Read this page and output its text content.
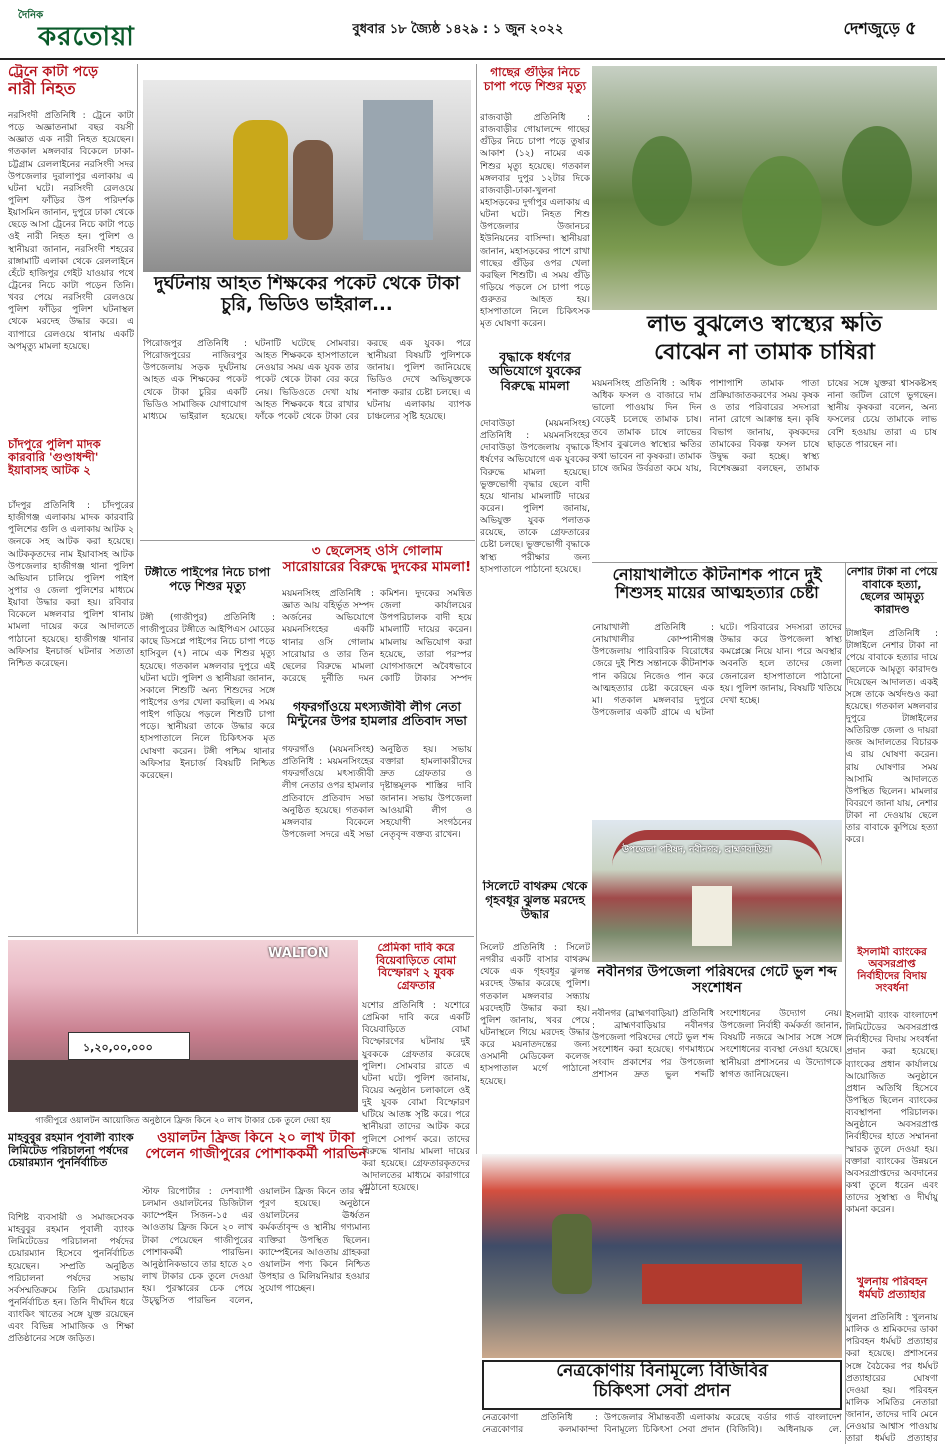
দৈনিক
করতোয়া	বুধবার ১৮ জ্যৈষ্ঠ ১৪২৯ : ১ জুন ২০২২	দেশজুড়ে ৫
ট্রেনে কাটা পড়ে
নারী নিহত
নরসিংদী প্রতিনিধি : ট্রেনে কাটা পড়ে অজ্ঞাতনামা বছর বয়সী অজ্ঞাত এক নারী নিহত হয়েছেন। গতকাল মঙ্গলবার বিকেলে ঢাকা-চট্টগ্রাম রেললাইনের নরসিংদী সদর উপজেলার দুরালাপুর এলাকায় এ ঘটনা ঘটে। নরসিংদী রেলওয়ে পুলিশ ফাঁড়ির উপ পরিদর্শক ইয়াসমিন জানান, দুপুরে ঢাকা থেকে ছেড়ে আসা ট্রেনের নিচে কাটা পড়ে ওই নারী নিহত হন। পুলিশ ও স্থানীয়রা জানান, নরসিংদী শহরের রাঙ্গামাটি এলাকা থেকে রেললাইনে হেঁটে হাজিপুর গেইট যাওয়ার পথে ট্রেনের নিচে কাটা পড়েন তিনি। খবর পেয়ে নরসিংদী রেলওয়ে পুলিশ ফাঁড়ির পুলিশ ঘটনাস্থল থেকে মরদেহ উদ্ধার করে। এ ব্যাপারে রেলওয়ে থানায় একটি অপমৃত্যু মামলা হয়েছে।
চাঁদপুরে পুলিশ মাদক কারবারি 'গুণ্ডাধন্দী' ইয়াবাসহ আটক ২
চাঁদপুর প্রতিনিধি : চাঁদপুরের হাজীগঞ্জ এলাকায় মাদক কারবারি পুলিশের গুলি ও এলাকায় আটক ২ জনকে সহ আটক করা হয়েছে। আটককৃতদের নাম ইয়াবাসহ আটক উপজেলার হাজীগঞ্জ থানা পুলিশ অভিযান চালিয়ে পুলিশ পাইপ সুপার ও জেলা পুলিশের মাধ্যমে ইয়াবা উদ্ধার করা হয়। রবিবার বিকেলে মঙ্গলবার পুলিশ থানায় মামলা দায়ের করে আদালতে পাঠানো হয়েছে। হাজীগঞ্জ থানার অফিসার ইনচার্জ ঘটনার সত্যতা নিশ্চিত করেছেন।
টঙ্গীতে পাইপের নিচে চাপা পড়ে শিশুর মৃত্যু
টঙ্গী (গাজীপুর) প্রতিনিধি : গাজীপুরের টঙ্গীতে আইপিএস মোড়ের কাছে ডিসপ্লে পাইপের নিচে চাপা পড়ে হাসিবুল (৭) নামে এক শিশুর মৃত্যু হয়েছে। গতকাল মঙ্গলবার দুপুরে এই ঘটনা ঘটে। পুলিশ ও স্থানীয়রা জানান, সকালে শিশুটি অন্য শিশুদের সঙ্গে পাইপের ওপর খেলা করছিল। এ সময় পাইপ গড়িয়ে পড়লে শিশুটি চাপা পড়ে। স্থানীয়রা তাকে উদ্ধার করে হাসপাতালে নিলে চিকিৎসক মৃত ঘোষণা করেন। টঙ্গী পশ্চিম থানার অফিসার ইনচার্জ বিষয়টি নিশ্চিত করেছেন।
দুর্ঘটনায় আহত শিক্ষকের পকেট থেকে টাকা চুরি, ভিডিও ভাইরাল...
পিরোজপুর প্রতিনিধি : পিরোজপুরের নাজিরপুর উপজেলায় সড়ক দুর্ঘটনায় আহত এক শিক্ষকের পকেট থেকে টাকা চুরির একটি ভিডিও সামাজিক যোগাযোগ মাধ্যমে ভাইরাল হয়েছে। ঘটনাটি ঘটেছে সোমবার। আহত শিক্ষককে হাসপাতালে নেওয়ার সময় এক যুবক তার পকেট থেকে টাকা বের করে নেয়। ভিডিওতে দেখা যায় আহত শিক্ষককে ধরে রাখার ফাঁকে পকেট থেকে টাকা বের করছে এক যুবক। পরে স্থানীয়রা বিষয়টি পুলিশকে জানায়। পুলিশ জানিয়েছে ভিডিও দেখে অভিযুক্তকে শনাক্ত করার চেষ্টা চলছে। এ ঘটনায় এলাকায় ব্যাপক চাঞ্চল্যের সৃষ্টি হয়েছে।
৩ ছেলেসহ ওসি গোলাম সারোয়ারের বিরুদ্ধে দুদকের মামলা!
ময়মনসিংহ প্রতিনিধি : জ্ঞাত আয় বহির্ভূত সম্পদ অর্জনের অভিযোগে ময়মনসিংহের একটি থানার ওসি গোলাম সারোয়ার ও তার তিন ছেলের বিরুদ্ধে মামলা করেছে দুর্নীতি দমন কমিশন। দুদকের সমন্বিত জেলা কার্যালয়ের উপপরিচালক বাদী হয়ে মামলাটি দায়ের করেন। মামলায় অভিযোগ করা হয়েছে, তারা পরস্পর যোগসাজশে অবৈধভাবে কোটি টাকার সম্পদ
গফরগাঁওয়ে মৎস্যজীবী লীগ নেতা মিন্টুনের উপর হামলার প্রতিবাদ সভা
গফরগাঁও (ময়মনসিংহ) প্রতিনিধি : ময়মনসিংহের গফরগাঁওয়ে মৎস্যজীবী লীগ নেতার ওপর হামলার প্রতিবাদে প্রতিবাদ সভা অনুষ্ঠিত হয়েছে। গতকাল মঙ্গলবার বিকেলে উপজেলা সদরে এই সভা অনুষ্ঠিত হয়। সভায় বক্তারা হামলাকারীদের দ্রুত গ্রেফতার ও দৃষ্টান্তমূলক শাস্তির দাবি জানান। সভায় উপজেলা আওয়ামী লীগ ও সহযোগী সংগঠনের নেতৃবৃন্দ বক্তব্য রাখেন।
WALTON
১,২০,০০,০০০
গাজীপুরে ওয়ালটন আয়োজিত অনুষ্ঠানে ফ্রিজ কিনে ২০ লাখ টাকার চেক তুলে দেয়া হয়
মাহবুবুর রহমান পূবালী ব্যাংক লিমিটেড পরিচালনা পর্ষদের চেয়ারম্যান পুনর্নির্বাচিত
বিশিষ্ট ব্যবসায়ী ও সমাজসেবক মাহবুবুর রহমান পূবালী ব্যাংক লিমিটেডের পরিচালনা পর্ষদের চেয়ারম্যান হিসেবে পুনর্নির্বাচিত হয়েছেন। সম্প্রতি অনুষ্ঠিত পরিচালনা পর্ষদের সভায় সর্বসম্মতিক্রমে তিনি চেয়ারম্যান পুনর্নির্বাচিত হন। তিনি দীর্ঘদিন ধরে ব্যাংকিং খাতের সঙ্গে যুক্ত রয়েছেন এবং বিভিন্ন সামাজিক ও শিক্ষা প্রতিষ্ঠানের সঙ্গে জড়িত।
ওয়ালটন ফ্রিজ কিনে ২০ লাখ টাকা পেলেন গাজীপুরের পোশাককর্মী পারভিন
স্টাফ রিপোর্টার : দেশব্যাপী চলমান ওয়ালটনের ডিজিটাল ক্যাম্পেইন সিজন-১৫ এর আওতায় ফ্রিজ কিনে ২০ লাখ টাকা পেয়েছেন গাজীপুরের পোশাককর্মী পারভিন। আনুষ্ঠানিকভাবে তার হাতে ২০ লাখ টাকার চেক তুলে দেওয়া হয়। পুরস্কারের চেক পেয়ে উচ্ছ্বসিত পারভিন বলেন, ওয়ালটন ফ্রিজ কিনে তার স্বপ্ন পূরণ হয়েছে। অনুষ্ঠানে ওয়ালটনের ঊর্ধ্বতন কর্মকর্তাবৃন্দ ও স্থানীয় গণ্যমান্য ব্যক্তিরা উপস্থিত ছিলেন। ক্যাম্পেইনের আওতায় গ্রাহকরা ওয়ালটন পণ্য কিনে নিশ্চিত উপহার ও মিলিয়নিয়ার হওয়ার সুযোগ পাচ্ছেন।
প্রেমিকা দাবি করে বিয়েবাড়িতে বোমা বিস্ফোরণ ২ যুবক গ্রেফতার
যশোর প্রতিনিধি : যশোরে প্রেমিকা দাবি করে একটি বিয়েবাড়িতে বোমা বিস্ফোরণের ঘটনায় দুই যুবককে গ্রেফতার করেছে পুলিশ। সোমবার রাতে এ ঘটনা ঘটে। পুলিশ জানায়, বিয়ের অনুষ্ঠান চলাকালে ওই দুই যুবক বোমা বিস্ফোরণ ঘটিয়ে আতঙ্ক সৃষ্টি করে। পরে স্থানীয়রা তাদের আটক করে পুলিশে সোপর্দ করে। তাদের বিরুদ্ধে থানায় মামলা দায়ের করা হয়েছে। গ্রেফতারকৃতদের আদালতের মাধ্যমে কারাগারে পাঠানো হয়েছে।
গাছের গুঁড়ির নিচে চাপা পড়ে শিশুর মৃত্যু
রাজবাড়ী প্রতিনিধি : রাজবাড়ীর গোয়ালন্দে গাছের গুঁড়ির নিচে চাপা পড়ে তুষার আকাশ (১২) নামের এক শিশুর মৃত্যু হয়েছে। গতকাল মঙ্গলবার দুপুর ১২টার দিকে রাজবাড়ী-ঢাকা-খুলনা মহাসড়কের দুর্গাপুর এলাকায় এ ঘটনা ঘটে। নিহত শিশু উপজেলার উজানচর ইউনিয়নের বাসিন্দা। স্থানীয়রা জানান, মহাসড়কের পাশে রাখা গাছের গুঁড়ির ওপর খেলা করছিল শিশুটি। এ সময় গুঁড়ি গড়িয়ে পড়লে সে চাপা পড়ে গুরুতর আহত হয়। হাসপাতালে নিলে চিকিৎসক মৃত ঘোষণা করেন।
বৃদ্ধাকে ধর্ষণের অভিযোগে যুবকের বিরুদ্ধে মামলা
দোবাউড়া (ময়মনসিংহ) প্রতিনিধি : ময়মনসিংহের দোবাউড়া উপজেলায় বৃদ্ধাকে ধর্ষণের অভিযোগে এক যুবকের বিরুদ্ধে মামলা হয়েছে। ভুক্তভোগী বৃদ্ধার ছেলে বাদী হয়ে থানায় মামলাটি দায়ের করেন। পুলিশ জানায়, অভিযুক্ত যুবক পলাতক রয়েছে, তাকে গ্রেফতারের চেষ্টা চলছে। ভুক্তভোগী বৃদ্ধাকে স্বাস্থ্য পরীক্ষার জন্য হাসপাতালে পাঠানো হয়েছে।
সিলেটে বাথরুম থেকে গৃহবধূর ঝুলন্ত মরদেহ উদ্ধার
সিলেট প্রতিনিধি : সিলেট নগরীর একটি বাসার বাথরুম থেকে এক গৃহবধূর ঝুলন্ত মরদেহ উদ্ধার করেছে পুলিশ। গতকাল মঙ্গলবার সন্ধ্যায় মরদেহটি উদ্ধার করা হয়। পুলিশ জানায়, খবর পেয়ে ঘটনাস্থলে গিয়ে মরদেহ উদ্ধার করে ময়নাতদন্তের জন্য ওসমানী মেডিকেল কলেজ হাসপাতাল মর্গে পাঠানো হয়েছে।
লাভ বুঝলেও স্বাস্থ্যের ক্ষতি
বোঝেন না তামাক চাষিরা
ময়মনসিংহ প্রতিনিধি : অধিক অধিক ফসল ও বাজারে দাম ভালো পাওয়ায় দিন দিন বেড়েই চলেছে তামাক চাষ। তবে তামাক চাষে লাভের হিসাব বুঝলেও স্বাস্থ্যের ক্ষতির কথা ভাবেন না কৃষকরা। তামাক চাষে জমির উর্বরতা কমে যায়, পাশাপাশি তামাক পাতা প্রক্রিয়াজাতকরণের সময় কৃষক ও তার পরিবারের সদস্যরা নানা রোগে আক্রান্ত হন। কৃষি বিভাগ জানায়, কৃষকদের তামাকের বিকল্প ফসল চাষে উদ্বুদ্ধ করা হচ্ছে। স্বাস্থ্য বিশেষজ্ঞরা বলছেন, তামাক চাষের সঙ্গে যুক্তরা শ্বাসকষ্টসহ নানা জটিল রোগে ভুগছেন। স্থানীয় কৃষকরা বলেন, অন্য ফসলের চেয়ে তামাকে লাভ বেশি হওয়ায় তারা এ চাষ ছাড়তে পারছেন না।
নোয়াখালীতে কীটনাশক পানে দুই শিশুসহ মায়ের আত্মহত্যার চেষ্টা
নোয়াখালী প্রতিনিধি : নোয়াখালীর কোম্পানীগঞ্জ উপজেলায় পারিবারিক বিরোধের জেরে দুই শিশু সন্তানকে কীটনাশক পান করিয়ে নিজেও পান করে আত্মহত্যার চেষ্টা করেছেন এক মা। গতকাল মঙ্গলবার দুপুরে উপজেলার একটি গ্রামে এ ঘটনা ঘটে। পরিবারের সদস্যরা তাদের উদ্ধার করে উপজেলা স্বাস্থ্য কমপ্লেক্সে নিয়ে যান। পরে অবস্থার অবনতি হলে তাদের জেলা জেনারেল হাসপাতালে পাঠানো হয়। পুলিশ জানায়, বিষয়টি খতিয়ে দেখা হচ্ছে।
উপজেলা পরিষদ, নবীনগর, ব্রাহ্মণবাড়িয়া
নবীনগর উপজেলা পরিষদের গেটে ভুল শব্দ সংশোধন
নবীনগর (ব্রাহ্মণবাড়িয়া) প্রতিনিধি : ব্রাহ্মণবাড়িয়ার নবীনগর উপজেলা পরিষদের গেটে ভুল শব্দ সংশোধন করা হয়েছে। গণমাধ্যমে সংবাদ প্রকাশের পর উপজেলা প্রশাসন দ্রুত ভুল শব্দটি সংশোধনের উদ্যোগ নেয়। উপজেলা নির্বাহী কর্মকর্তা জানান, বিষয়টি নজরে আসার সঙ্গে সঙ্গে সংশোধনের ব্যবস্থা নেওয়া হয়েছে। স্থানীয়রা প্রশাসনের এ উদ্যোগকে স্বাগত জানিয়েছেন।
নেশার টাকা না পেয়ে বাবাকে হত্যা, ছেলের আমৃত্যু কারাদণ্ড
টাঙ্গাইল প্রতিনিধি : টাঙ্গাইলে নেশার টাকা না পেয়ে বাবাকে হত্যার দায়ে ছেলেকে আমৃত্যু কারাদণ্ড দিয়েছেন আদালত। একই সঙ্গে তাকে অর্থদণ্ডও করা হয়েছে। গতকাল মঙ্গলবার দুপুরে টাঙ্গাইলের অতিরিক্ত জেলা ও দায়রা জজ আদালতের বিচারক এ রায় ঘোষণা করেন। রায় ঘোষণার সময় আসামি আদালতে উপস্থিত ছিলেন। মামলার বিবরণে জানা যায়, নেশার টাকা না দেওয়ায় ছেলে তার বাবাকে কুপিয়ে হত্যা করে।
ইসলামী ব্যাংকের অবসরপ্রাপ্ত নির্বাহীদের বিদায় সংবর্ধনা
ইসলামী ব্যাংক বাংলাদেশ লিমিটেডের অবসরপ্রাপ্ত নির্বাহীদের বিদায় সংবর্ধনা প্রদান করা হয়েছে। ব্যাংকের প্রধান কার্যালয়ে আয়োজিত অনুষ্ঠানে প্রধান অতিথি হিসেবে উপস্থিত ছিলেন ব্যাংকের ব্যবস্থাপনা পরিচালক। অনুষ্ঠানে অবসরপ্রাপ্ত নির্বাহীদের হাতে সম্মাননা স্মারক তুলে দেওয়া হয়। বক্তারা ব্যাংকের উন্নয়নে অবসরপ্রাপ্তদের অবদানের কথা তুলে ধরেন এবং তাদের সুস্বাস্থ্য ও দীর্ঘায়ু কামনা করেন।
খুলনায় পরিবহন ধর্মঘট প্রত্যাহার
খুলনা প্রতিনিধি : খুলনায় মালিক ও শ্রমিকদের ডাকা পরিবহন ধর্মঘট প্রত্যাহার করা হয়েছে। প্রশাসনের সঙ্গে বৈঠকের পর ধর্মঘট প্রত্যাহারের ঘোষণা দেওয়া হয়। পরিবহন মালিক সমিতির নেতারা জানান, তাদের দাবি মেনে নেওয়ার আশ্বাস পাওয়ায় তারা ধর্মঘট প্রত্যাহার
নেত্রকোণায় বিনামূল্যে বিজিবির
চিকিৎসা সেবা প্রদান
নেত্রকোণা প্রতিনিধি : নেত্রকোণার কলমাকান্দা উপজেলার সীমান্তবর্তী এলাকায় বিনামূল্যে চিকিৎসা সেবা প্রদান করেছে বর্ডার গার্ড বাংলাদেশ (বিজিবি)। অধিনায়ক লে.
